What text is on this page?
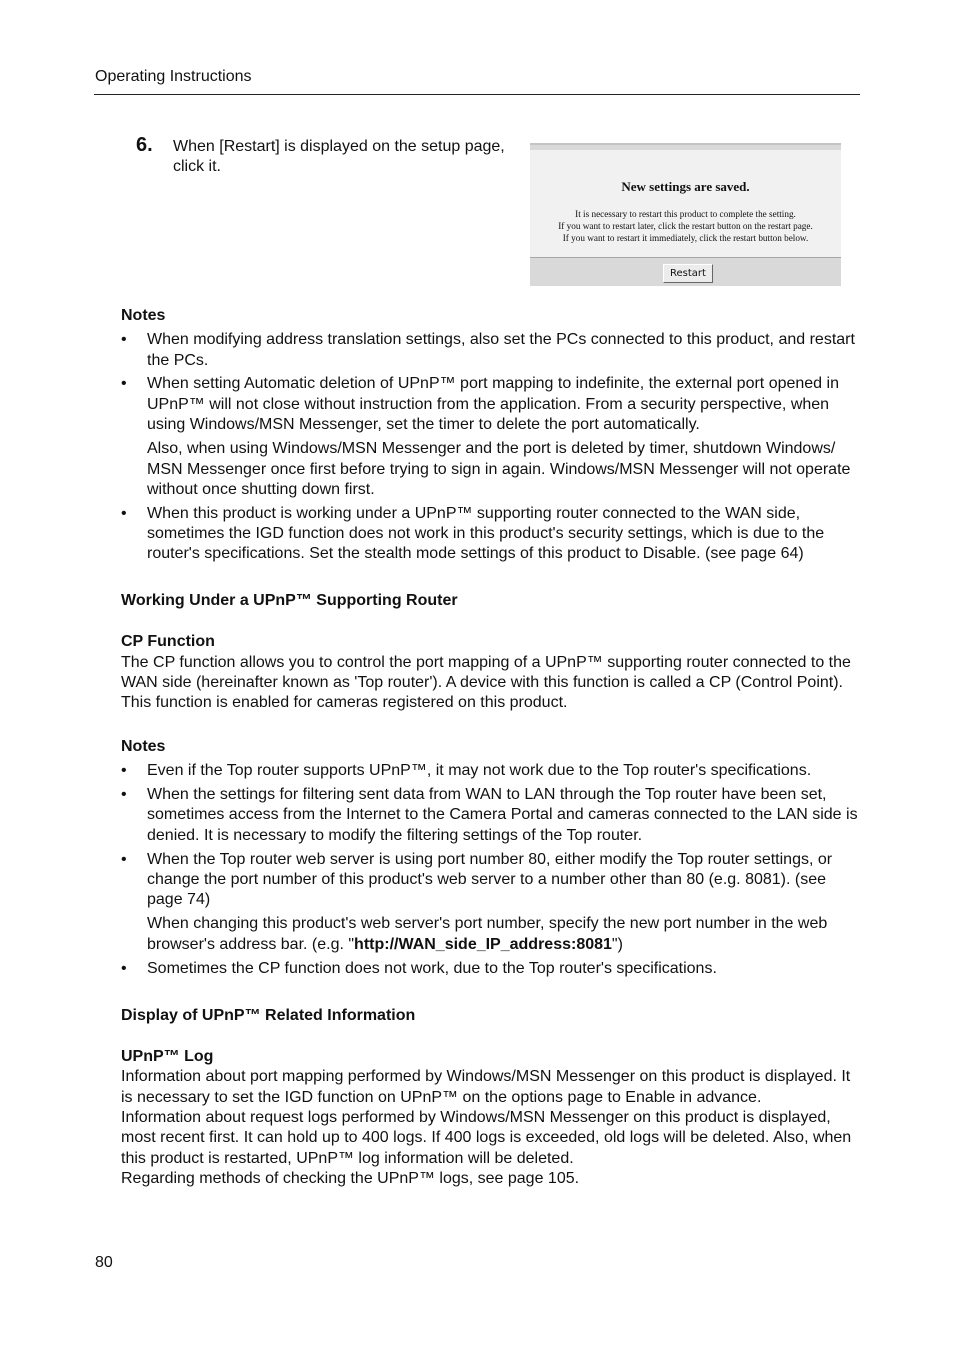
Operating Instructions
6. When [Restart] is displayed on the setup page, click it.
New settings are saved.
It is necessary to restart this product to complete the setting.
If you want to restart later, click the restart button on the restart page.
If you want to restart it immediately, click the restart button below.
Restart

Notes

• When modifying address translation settings, also set the PCs connected to this product, and restart the PCs.
• When setting Automatic deletion of UPnP™ port mapping to indefinite, the external port opened in UPnP™ will not close without instruction from the application. From a security perspective, when using Windows/MSN Messenger, set the timer to delete the port automatically.
Also, when using Windows/MSN Messenger and the port is deleted by timer, shutdown Windows/ MSN Messenger once first before trying to sign in again. Windows/MSN Messenger will not operate without once shutting down first.
• When this product is working under a UPnP™ supporting router connected to the WAN side, sometimes the IGD function does not work in this product's security settings, which is due to the router's specifications. Set the stealth mode settings of this product to Disable. (see page 64)

Working Under a UPnP™ Supporting Router

CP Function

The CP function allows you to control the port mapping of a UPnP™ supporting router connected to the WAN side (hereinafter known as 'Top router'). A device with this function is called a CP (Control Point). This function is enabled for cameras registered on this product.

Notes

• Even if the Top router supports UPnP™, it may not work due to the Top router's specifications.
• When the settings for filtering sent data from WAN to LAN through the Top router have been set, sometimes access from the Internet to the Camera Portal and cameras connected to the LAN side is denied. It is necessary to modify the filtering settings of the Top router.
• When the Top router web server is using port number 80, either modify the Top router settings, or change the port number of this product's web server to a number other than 80 (e.g. 8081). (see page 74)
When changing this product's web server's port number, specify the new port number in the web browser's address bar. (e.g. "http://WAN_side_IP_address:8081")
• Sometimes the CP function does not work, due to the Top router's specifications.

Display of UPnP™ Related Information

UPnP™ Log

Information about port mapping performed by Windows/MSN Messenger on this product is displayed. It is necessary to set the IGD function on UPnP™ on the options page to Enable in advance.

Information about request logs performed by Windows/MSN Messenger on this product is displayed, most recent first. It can hold up to 400 logs. If 400 logs is exceeded, old logs will be deleted. Also, when this product is restarted, UPnP™ log information will be deleted.

Regarding methods of checking the UPnP™ logs, see page 105.

80
